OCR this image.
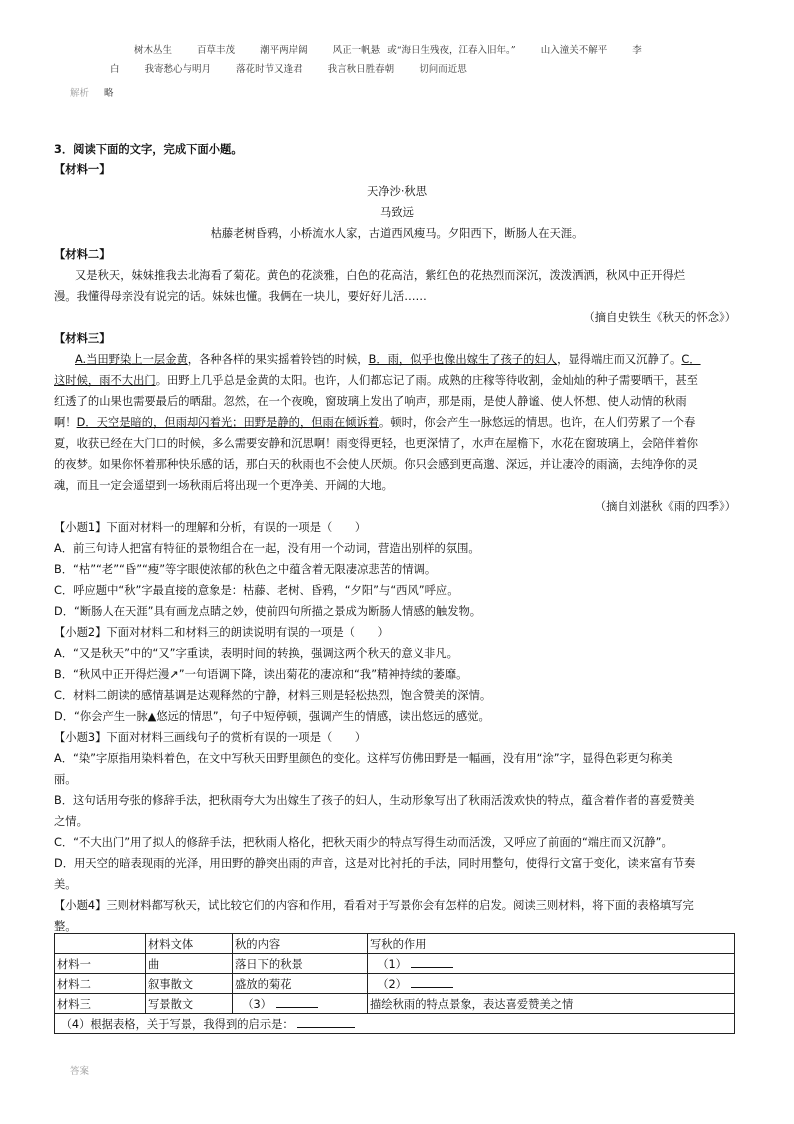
树木丛生	百草丰茂	潮平两岸阔	风正一帆悬 或“海日生残夜，江春入旧年。”	山入潼关不解平	李
白	我寄愁心与明月	落花时节又逢君	我言秋日胜春朝	切问而近思
解析 略
3．阅读下面的文字，完成下面小题。
【材料一】
天净沙·秋思
马致远
枯藤老树昏鸦，小桥流水人家，古道西风瘦马。夕阳西下，断肠人在天涯。
【材料二】
又是秋天，妹妹推我去北海看了菊花。黄色的花淡雅，白色的花高洁，紫红色的花热烈而深沉，泼泼洒洒，秋风中正开得烂
漫。我懂得母亲没有说完的话。妹妹也懂。我俩在一块儿，要好好儿活……
（摘自史铁生《秋天的怀念》）
【材料三】
A.当田野染上一层金黄，各种各样的果实摇着铃铛的时候，B．雨，似乎也像出嫁生了孩子的妇人，显得端庄而又沉静了。C．
这时候，雨不大出门。田野上几乎总是金黄的太阳。也许，人们都忘记了雨。成熟的庄稼等待收割，金灿灿的种子需要晒干，甚至
红透了的山果也需要最后的晒甜。忽然，在一个夜晚，窗玻璃上发出了响声，那是雨，是使人静谧、使人怀想、使人动情的秋雨
啊！D．天空是暗的，但雨却闪着光；田野是静的，但雨在倾诉着。顿时，你会产生一脉悠远的情思。也许，在人们劳累了一个春
夏，收获已经在大门口的时候，多么需要安静和沉思啊！雨变得更轻，也更深情了，水声在屋檐下，水花在窗玻璃上，会陪伴着你
的夜梦。如果你怀着那种快乐感的话，那白天的秋雨也不会使人厌烦。你只会感到更高邈、深远，并让凄冷的雨滴，去纯净你的灵
魂，而且一定会遥望到一场秋雨后将出现一个更净美、开阔的大地。
（摘自刘湛秋《雨的四季》）
【小题1】下面对材料一的理解和分析，有误的一项是（　　）
A．前三句诗人把富有特征的景物组合在一起，没有用一个动词，营造出别样的氛围。
B．“枯”“老”“昏”“瘦”等字眼使浓郁的秋色之中蕴含着无限凄凉悲苦的情调。
C．呼应题中“秋”字最直接的意象是：枯藤、老树、昏鸦，“夕阳”与“西风”呼应。
D．“断肠人在天涯”具有画龙点睛之妙，使前四句所描之景成为断肠人情感的触发物。
【小题2】下面对材料二和材料三的朗读说明有误的一项是（　　）
A．“又是秋天”中的“又”字重读，表明时间的转换，强调这两个秋天的意义非凡。
B．“秋风中正开得烂漫↗”一句语调下降，读出菊花的凄凉和“我”精神持续的萎靡。
C．材料二朗读的感情基调是达观释然的宁静，材料三则是轻松热烈，饱含赞美的深情。
D．“你会产生一脉▲悠远的情思”，句子中短停顿，强调产生的情感，读出悠远的感觉。
【小题3】下面对材料三画线句子的赏析有误的一项是（　　）
A．“染”字原指用染料着色，在文中写秋天田野里颜色的变化。这样写仿佛田野是一幅画，没有用“涂”字，显得色彩更匀称美
丽。
B．这句话用夸张的修辞手法，把秋雨夸大为出嫁生了孩子的妇人，生动形象写出了秋雨活泼欢快的特点，蕴含着作者的喜爱赞美
之情。
C．“不大出门”用了拟人的修辞手法，把秋雨人格化，把秋天雨少的特点写得生动而活泼，又呼应了前面的“端庄而又沉静”。
D．用天空的暗表现雨的光泽，用田野的静突出雨的声音，这是对比衬托的手法，同时用整句，使得行文富于变化，读来富有节奏
美。
【小题4】三则材料都写秋天，试比较它们的内容和作用，看看对于写景你会有怎样的启发。阅读三则材料，将下面的表格填写完
整。
	材料文体	秋的内容	写秋的作用
材料一	曲	落日下的秋景	（1）
材料二	叙事散文	盛放的菊花	（2）
材料三	写景散文	（3）	描绘秋雨的特点景象，表达喜爱赞美之情
（4）根据表格，关于写景，我得到的启示是：			
答案
